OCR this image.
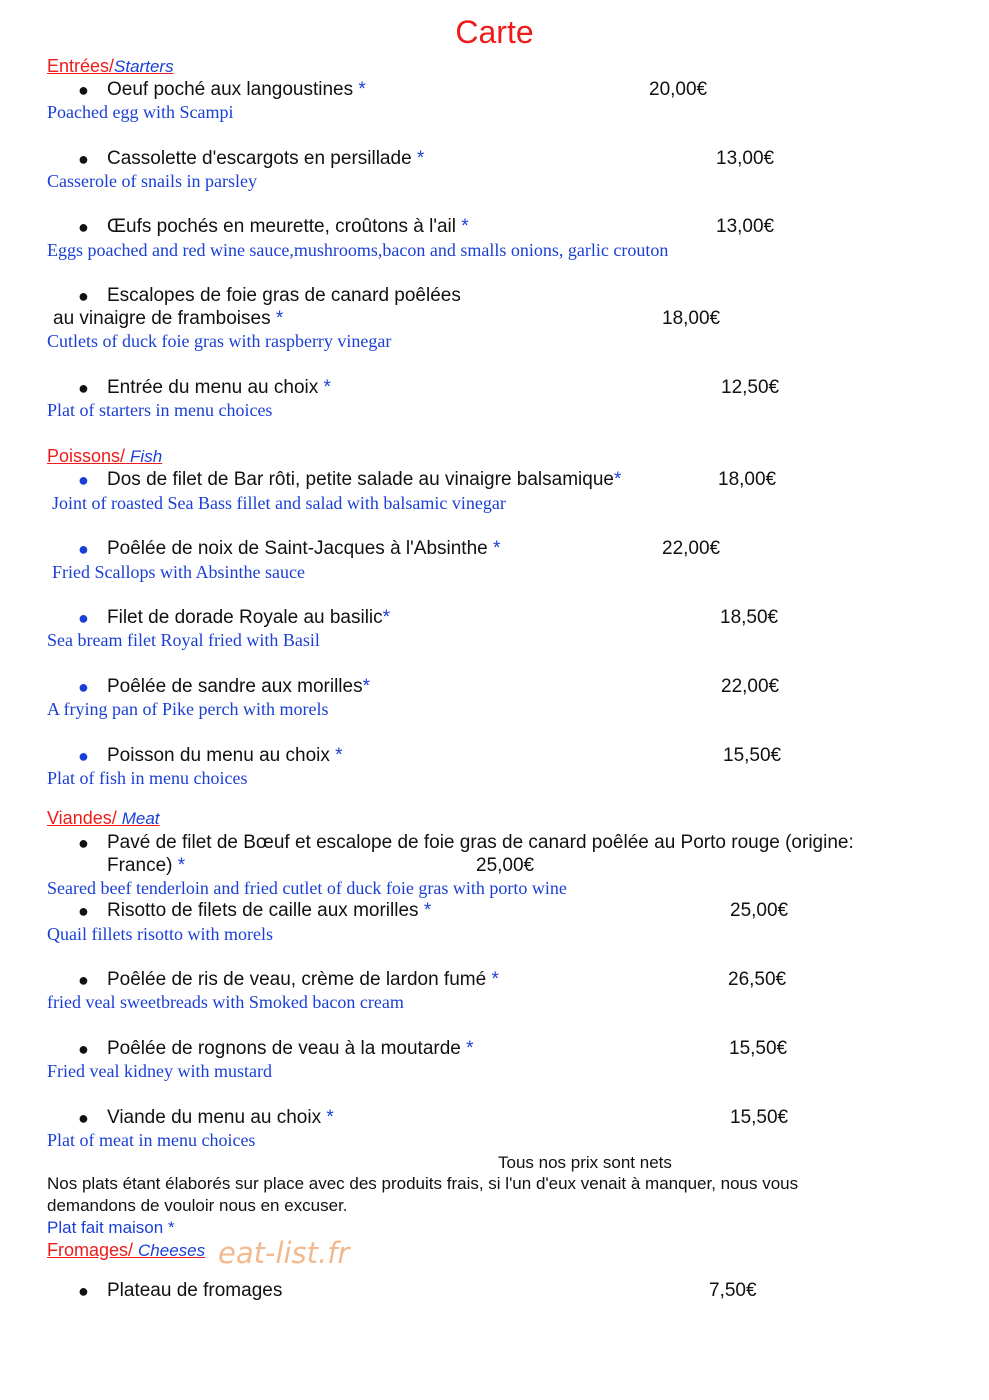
Carte
Entrées/Starters
● Oeuf poché aux langoustines *	20,00€
Poached egg with Scampi
● Cassolette d'escargots en persillade *	13,00€
Casserole of snails in parsley
● Œufs pochés en meurette, croûtons à l'ail *	13,00€
Eggs poached and red wine sauce,mushrooms,bacon and smalls onions, garlic crouton
● Escalopes de foie gras de canard poêlées
au vinaigre de framboises *	18,00€
Cutlets of duck foie gras with raspberry vinegar
● Entrée du menu au choix *	12,50€
Plat of starters in menu choices
Poissons/ Fish
● Dos de filet de Bar rôti, petite salade au vinaigre balsamique*	18,00€
Joint of roasted Sea Bass fillet and salad with balsamic vinegar
● Poêlée de noix de Saint-Jacques à l'Absinthe *	22,00€
Fried Scallops with Absinthe sauce
● Filet de dorade Royale au basilic*	18,50€
Sea bream filet Royal fried with Basil
● Poêlée de sandre aux morilles*	22,00€
A frying pan of Pike perch with morels
● Poisson du menu au choix *	15,50€
Plat of fish in menu choices
Viandes/ Meat
● Pavé de filet de Bœuf et escalope de foie gras de canard poêlée au Porto rouge (origine:
France) *	25,00€
Seared beef tenderloin and fried cutlet of duck foie gras with porto wine
● Risotto de filets de caille aux morilles *	25,00€
Quail fillets risotto with morels
● Poêlée de ris de veau, crème de lardon fumé *	26,50€
fried veal sweetbreads with Smoked bacon cream
● Poêlée de rognons de veau à la moutarde *	15,50€
Fried veal kidney with mustard
● Viande du menu au choix *	15,50€
Plat of meat in menu choices
Tous nos prix sont nets
Nos plats étant élaborés sur place avec des produits frais, si l'un d'eux venait à manquer, nous vous
demandons de vouloir nous en excuser.
Plat fait maison *
Fromages/ Cheeses eat-list.fr
● Plateau de fromages	7,50€
